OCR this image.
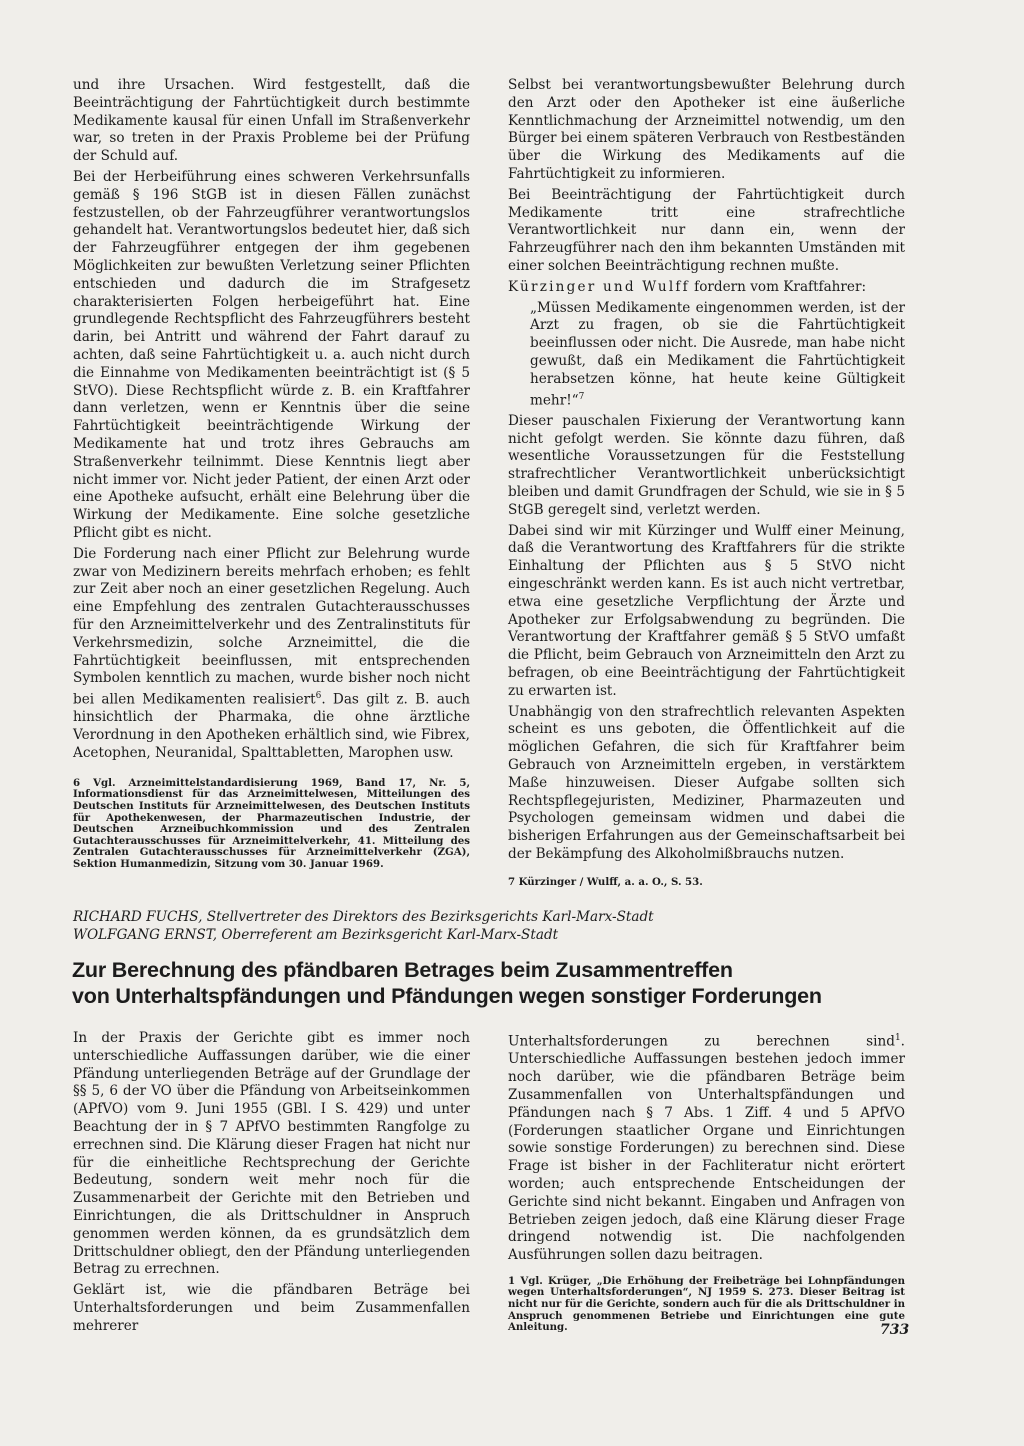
und ihre Ursachen. Wird festgestellt, daß die Beeinträchtigung der Fahrtüchtigkeit durch bestimmte Medikamente kausal für einen Unfall im Straßenverkehr war, so treten in der Praxis Probleme bei der Prüfung der Schuld auf.

Bei der Herbeiführung eines schweren Verkehrsunfalls gemäß § 196 StGB ist in diesen Fällen zunächst festzustellen, ob der Fahrzeugführer verantwortungslos gehandelt hat. Verantwortungslos bedeutet hier, daß sich der Fahrzeugführer entgegen der ihm gegebenen Möglichkeiten zur bewußten Verletzung seiner Pflichten entschieden und dadurch die im Strafgesetz charakterisierten Folgen herbeigeführt hat. Eine grundlegende Rechtspflicht des Fahrzeugführers besteht darin, bei Antritt und während der Fahrt darauf zu achten, daß seine Fahrtüchtigkeit u. a. auch nicht durch die Einnahme von Medikamenten beeinträchtigt ist (§ 5 StVO). Diese Rechtspflicht würde z. B. ein Kraftfahrer dann verletzen, wenn er Kenntnis über die seine Fahrtüchtigkeit beeinträchtigende Wirkung der Medikamente hat und trotz ihres Gebrauchs am Straßenverkehr teilnimmt. Diese Kenntnis liegt aber nicht immer vor. Nicht jeder Patient, der einen Arzt oder eine Apotheke aufsucht, erhält eine Belehrung über die Wirkung der Medikamente. Eine solche gesetzliche Pflicht gibt es nicht.

Die Forderung nach einer Pflicht zur Belehrung wurde zwar von Medizinern bereits mehrfach erhoben; es fehlt zur Zeit aber noch an einer gesetzlichen Regelung. Auch eine Empfehlung des zentralen Gutachterausschusses für den Arzneimittelverkehr und des Zentralinstituts für Verkehrsmedizin, solche Arzneimittel, die die Fahrtüchtigkeit beeinflussen, mit entsprechenden Symbolen kenntlich zu machen, wurde bisher noch nicht bei allen Medikamenten realisiert$^6$. Das gilt z. B. auch hinsichtlich der Pharmaka, die ohne ärztliche Verordnung in den Apotheken erhältlich sind, wie Fibrex, Acetophen, Neuranidal, Spalttabletten, Marophen usw.

6 Vgl. Arzneimittelstandardisierung 1969, Band 17, Nr. 5, Informationsdienst für das Arzneimittelwesen, Mitteilungen des Deutschen Instituts für Arzneimittelwesen, des Deutschen Instituts für Apothekenwesen, der Pharmazeutischen Industrie, der Deutschen Arzneibuchkommission und des Zentralen Gutachterausschusses für Arzneimittelverkehr, 41. Mitteilung des Zentralen Gutachterausschusses für Arzneimittelverkehr (ZGA), Sektion Humanmedizin, Sitzung vom 30. Januar 1969.

Selbst bei verantwortungsbewußter Belehrung durch den Arzt oder den Apotheker ist eine äußerliche Kenntlichmachung der Arzneimittel notwendig, um den Bürger bei einem späteren Verbrauch von Restbeständen über die Wirkung des Medikaments auf die Fahrtüchtigkeit zu informieren.

Bei Beeinträchtigung der Fahrtüchtigkeit durch Medikamente tritt eine strafrechtliche Verantwortlichkeit nur dann ein, wenn der Fahrzeugführer nach den ihm bekannten Umständen mit einer solchen Beeinträchtigung rechnen mußte.

Kürzinger und Wulff fordern vom Kraftfahrer:

„Müssen Medikamente eingenommen werden, ist der Arzt zu fragen, ob sie die Fahrtüchtigkeit beeinflussen oder nicht. Die Ausrede, man habe nicht gewußt, daß ein Medikament die Fahrtüchtigkeit herabsetzen könne, hat heute keine Gültigkeit mehr!“$^7$

Dieser pauschalen Fixierung der Verantwortung kann nicht gefolgt werden. Sie könnte dazu führen, daß wesentliche Voraussetzungen für die Feststellung strafrechtlicher Verantwortlichkeit unberücksichtigt bleiben und damit Grundfragen der Schuld, wie sie in § 5 StGB geregelt sind, verletzt werden.

Dabei sind wir mit Kürzinger und Wulff einer Meinung, daß die Verantwortung des Kraftfahrers für die strikte Einhaltung der Pflichten aus § 5 StVO nicht eingeschränkt werden kann. Es ist auch nicht vertretbar, etwa eine gesetzliche Verpflichtung der Ärzte und Apotheker zur Erfolgsabwendung zu begründen. Die Verantwortung der Kraftfahrer gemäß § 5 StVO umfaßt die Pflicht, beim Gebrauch von Arzneimitteln den Arzt zu befragen, ob eine Beeinträchtigung der Fahrtüchtigkeit zu erwarten ist.

Unabhängig von den strafrechtlich relevanten Aspekten scheint es uns geboten, die Öffentlichkeit auf die möglichen Gefahren, die sich für Kraftfahrer beim Gebrauch von Arzneimitteln ergeben, in verstärktem Maße hinzuweisen. Dieser Aufgabe sollten sich Rechtspflegejuristen, Mediziner, Pharmazeuten und Psychologen gemeinsam widmen und dabei die bisherigen Erfahrungen aus der Gemeinschaftsarbeit bei der Bekämpfung des Alkoholmißbrauchs nutzen.

7 Kürzinger / Wulff, a. a. O., S. 53.

RICHARD FUCHS, Stellvertreter des Direktors des Bezirksgerichts Karl-Marx-Stadt
WOLFGANG ERNST, Oberreferent am Bezirksgericht Karl-Marx-Stadt
Zur Berechnung des pfändbaren Betrages beim Zusammentreffen
von Unterhaltspfändungen und Pfändungen wegen sonstiger Forderungen

In der Praxis der Gerichte gibt es immer noch unterschiedliche Auffassungen darüber, wie die einer Pfändung unterliegenden Beträge auf der Grundlage der §§ 5, 6 der VO über die Pfändung von Arbeitseinkommen (APfVO) vom 9. Juni 1955 (GBl. I S. 429) und unter Beachtung der in § 7 APfVO bestimmten Rangfolge zu errechnen sind. Die Klärung dieser Fragen hat nicht nur für die einheitliche Rechtsprechung der Gerichte Bedeutung, sondern weit mehr noch für die Zusammenarbeit der Gerichte mit den Betrieben und Einrichtungen, die als Drittschuldner in Anspruch genommen werden können, da es grundsätzlich dem Drittschuldner obliegt, den der Pfändung unterliegenden Betrag zu errechnen.

Geklärt ist, wie die pfändbaren Beträge bei Unterhaltsforderungen und beim Zusammenfallen mehrerer

Unterhaltsforderungen zu berechnen sind$^1$. Unterschiedliche Auffassungen bestehen jedoch immer noch darüber, wie die pfändbaren Beträge beim Zusammenfallen von Unterhaltspfändungen und Pfändungen nach § 7 Abs. 1 Ziff. 4 und 5 APfVO (Forderungen staatlicher Organe und Einrichtungen sowie sonstige Forderungen) zu berechnen sind. Diese Frage ist bisher in der Fachliteratur nicht erörtert worden; auch entsprechende Entscheidungen der Gerichte sind nicht bekannt. Eingaben und Anfragen von Betrieben zeigen jedoch, daß eine Klärung dieser Frage dringend notwendig ist. Die nachfolgenden Ausführungen sollen dazu beitragen.

1 Vgl. Krüger, „Die Erhöhung der Freibeträge bei Lohnpfändungen wegen Unterhaltsforderungen“, NJ 1959 S. 273. Dieser Beitrag ist nicht nur für die Gerichte, sondern auch für die als Drittschuldner in Anspruch genommenen Betriebe und Einrichtungen eine gute Anleitung.	733
